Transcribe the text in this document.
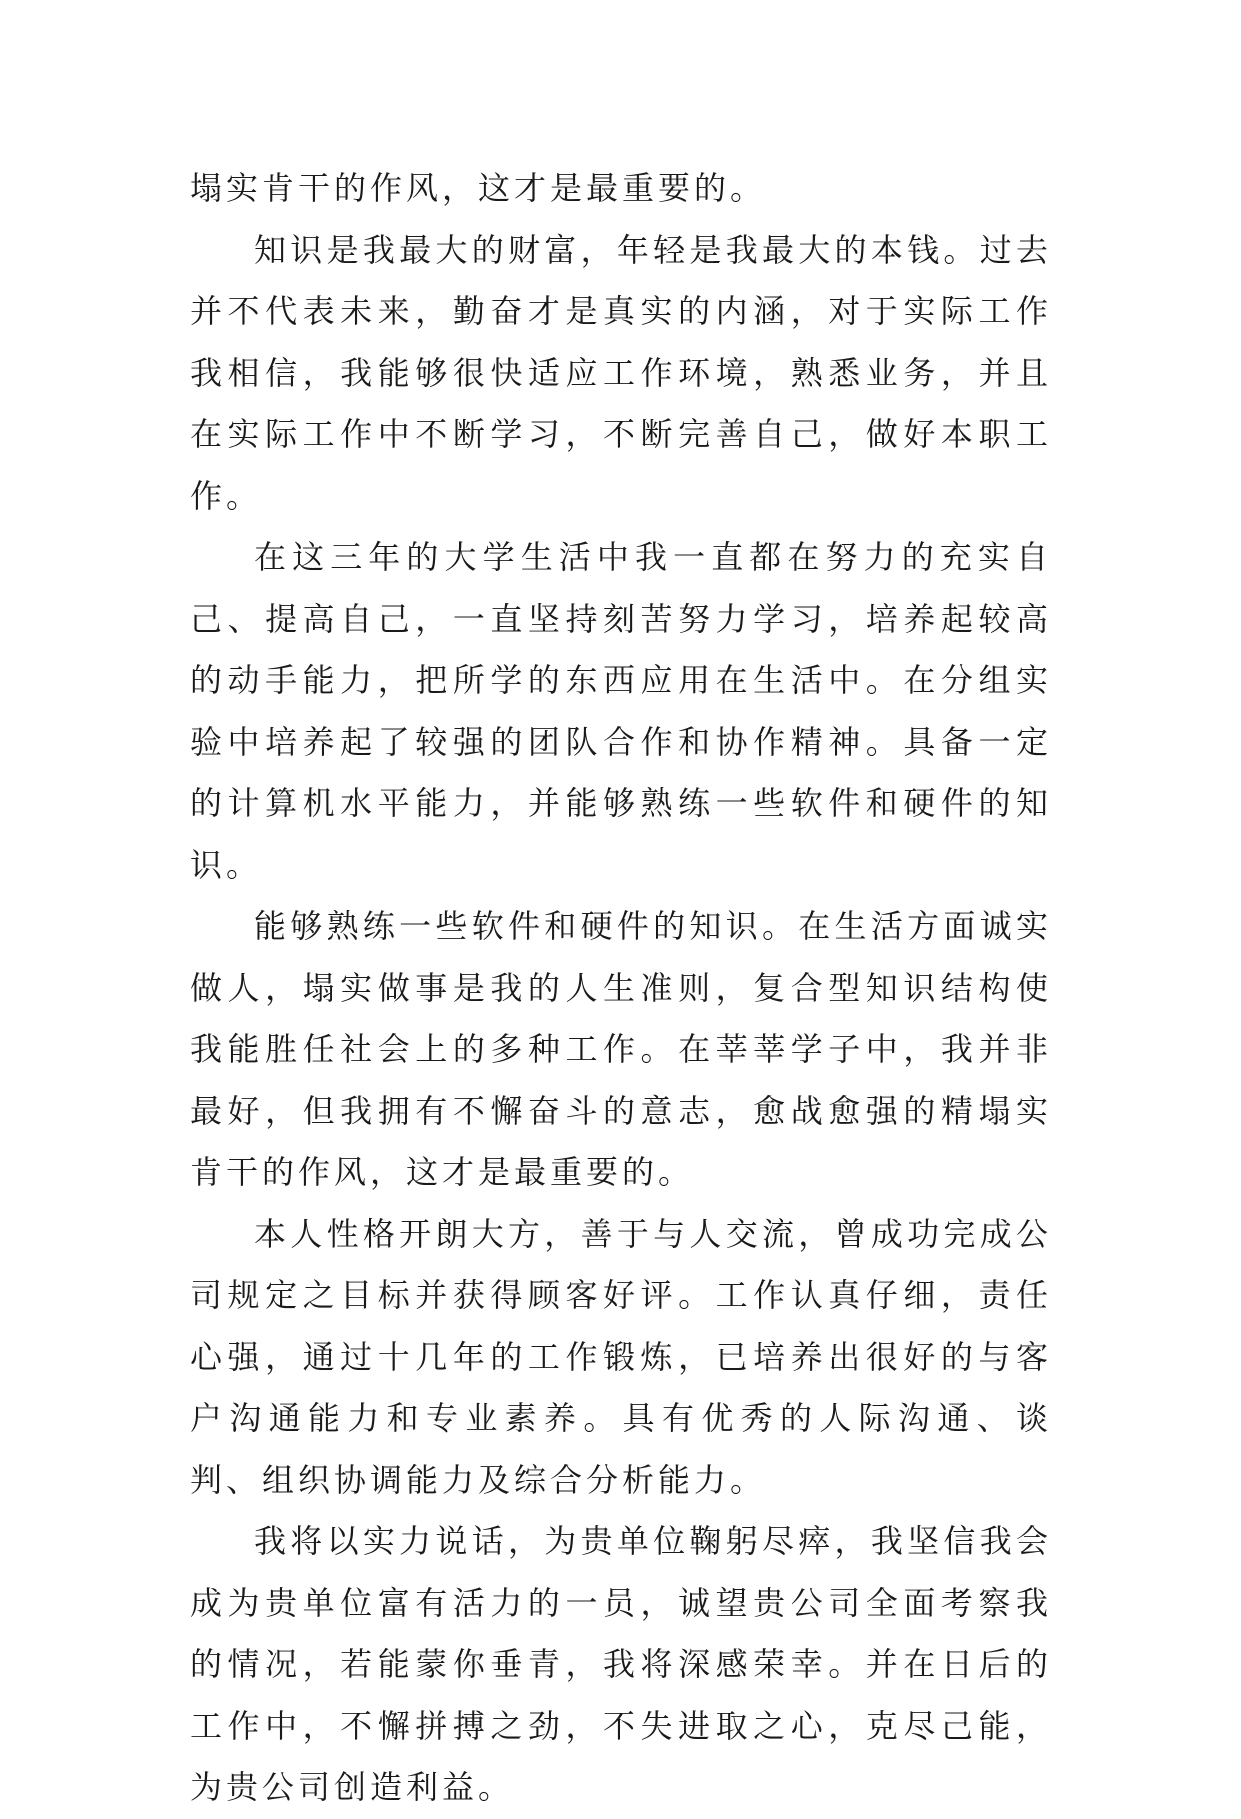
塌实肯干的作风，这才是最重要的。

知识是我最大的财富，年轻是我最大的本钱。过去并不代表未来，勤奋才是真实的内涵，对于实际工作我相信，我能够很快适应工作环境，熟悉业务，并且在实际工作中不断学习，不断完善自己，做好本职工作。

在这三年的大学生活中我一直都在努力的充实自己、提高自己，一直坚持刻苦努力学习，培养起较高的动手能力，把所学的东西应用在生活中。在分组实验中培养起了较强的团队合作和协作精神。具备一定的计算机水平能力，并能够熟练一些软件和硬件的知识。

能够熟练一些软件和硬件的知识。在生活方面诚实做人，塌实做事是我的人生准则，复合型知识结构使我能胜任社会上的多种工作。在莘莘学子中，我并非最好，但我拥有不懈奋斗的意志，愈战愈强的精塌实肯干的作风，这才是最重要的。

本人性格开朗大方，善于与人交流，曾成功完成公司规定之目标并获得顾客好评。工作认真仔细，责任心强，通过十几年的工作锻炼，已培养出很好的与客户沟通能力和专业素养。具有优秀的人际沟通、谈判、组织协调能力及综合分析能力。

我将以实力说话，为贵单位鞠躬尽瘁，我坚信我会成为贵单位富有活力的一员，诚望贵公司全面考察我的情况，若能蒙你垂青，我将深感荣幸。并在日后的工作中，不懈拼搏之劲，不失进取之心，克尽己能，为贵公司创造利益。
